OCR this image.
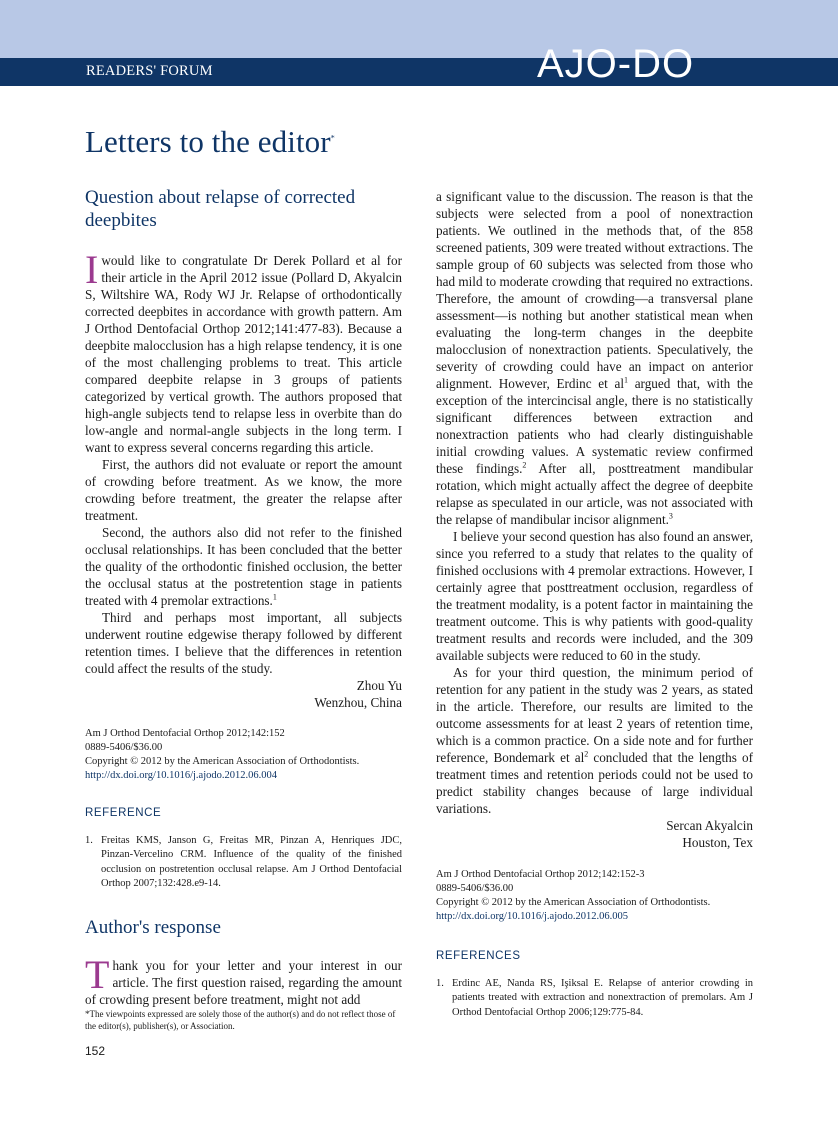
READERS' FORUM	AJO-DO
Letters to the editor*
Question about relapse of corrected deepbites

Iwould like to congratulate Dr Derek Pollard et al for their article in the April 2012 issue (Pollard D, Akyalcin S, Wiltshire WA, Rody WJ Jr. Relapse of orthodontically corrected deepbites in accordance with growth pattern. Am J Orthod Dentofacial Orthop 2012;141:477-83). Because a deepbite malocclusion has a high relapse tendency, it is one of the most challenging problems to treat. This article compared deepbite relapse in 3 groups of patients categorized by vertical growth. The authors proposed that high-angle subjects tend to relapse less in overbite than do low-angle and normal-angle subjects in the long term. I want to express several concerns regarding this article.

First, the authors did not evaluate or report the amount of crowding before treatment. As we know, the more crowding before treatment, the greater the relapse after treatment.

Second, the authors also did not refer to the finished occlusal relationships. It has been concluded that the better the quality of the orthodontic finished occlusion, the better the occlusal status at the postretention stage in patients treated with 4 premolar extractions.$^1$

Third and perhaps most important, all subjects underwent routine edgewise therapy followed by different retention times. I believe that the differences in retention could affect the results of the study.

Zhou Yu

Wenzhou, China

Am J Orthod Dentofacial Orthop 2012;142:152
0889-5406/$36.00
Copyright © 2012 by the American Association of Orthodontists.
http://dx.doi.org/10.1016/j.ajodo.2012.06.004
REFERENCE
1. Freitas KMS, Janson G, Freitas MR, Pinzan A, Henriques JDC, Pinzan-Vercelino CRM. Influence of the quality of the finished occlusion on postretention occlusal relapse. Am J Orthod Dentofacial Orthop 2007;132:428.e9-14.
Author's response

Thank you for your letter and your interest in our article. The first question raised, regarding the amount of crowding present before treatment, might not add

a significant value to the discussion. The reason is that the subjects were selected from a pool of nonextraction patients. We outlined in the methods that, of the 858 screened patients, 309 were treated without extractions. The sample group of 60 subjects was selected from those who had mild to moderate crowding that required no extractions. Therefore, the amount of crowding—a transversal plane assessment—is nothing but another statistical mean when evaluating the long-term changes in the deepbite malocclusion of nonextraction patients. Speculatively, the severity of crowding could have an impact on anterior alignment. However, Erdinc et $al^1$ argued that, with the exception of the intercincisal angle, there is no statistically significant differences between extraction and nonextraction patients who had clearly distinguishable initial crowding values. A systematic review confirmed these findings.$^2$ After all, posttreatment mandibular rotation, which might actually affect the degree of deepbite relapse as speculated in our article, was not associated with the relapse of mandibular incisor alignment.$^3$

I believe your second question has also found an answer, since you referred to a study that relates to the quality of finished occlusions with 4 premolar extractions. However, I certainly agree that posttreatment occlusion, regardless of the treatment modality, is a potent factor in maintaining the treatment outcome. This is why patients with good-quality treatment results and records were included, and the 309 available subjects were reduced to 60 in the study.

As for your third question, the minimum period of retention for any patient in the study was 2 years, as stated in the article. Therefore, our results are limited to the outcome assessments for at least 2 years of retention time, which is a common practice. On a side note and for further reference, Bondemark et $al^2$ concluded that the lengths of treatment times and retention periods could not be used to predict stability changes because of large individual variations.

Sercan Akyalcin

Houston, Tex

Am J Orthod Dentofacial Orthop 2012;142:152-3
0889-5406/$36.00
Copyright © 2012 by the American Association of Orthodontists.
http://dx.doi.org/10.1016/j.ajodo.2012.06.005
REFERENCES
1. Erdinc AE, Nanda RS, Işiksal E. Relapse of anterior crowding in patients treated with extraction and nonextraction of premolars. Am J Orthod Dentofacial Orthop 2006;129:775-84.
*The viewpoints expressed are solely those of the author(s) and do not reflect those of the editor(s), publisher(s), or Association.
152
